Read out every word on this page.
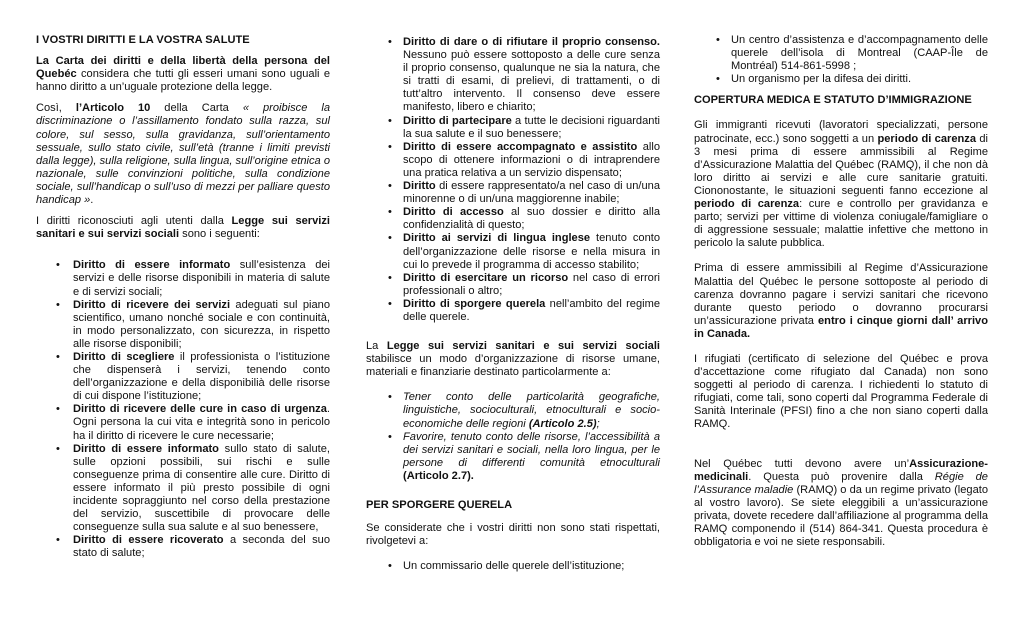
I VOSTRI DIRITTI E LA VOSTRA SALUTE

La Carta dei diritti e della libertà della persona del Quebéc considera che tutti gli esseri umani sono uguali e hanno diritto a un’uguale protezione della legge.

Così, l’Articolo 10 della Carta « proibisce la discriminazione o l’assillamento fondato sulla razza, sul colore, sul sesso, sulla gravidanza, sull’orientamento sessuale, sullo stato civile, sull’età (tranne i limiti previsti dalla legge), sulla religione, sulla lingua, sull’origine etnica o nazionale, sulle convinzioni politiche, sulla condizione sociale, sull’handicap o sull’uso di mezzi per palliare questo handicap ».

I diritti riconosciuti agli utenti dalla Legge sui servizi sanitari e sui servizi sociali sono i seguenti:

• Diritto di essere informato sull’esistenza dei servizi e delle risorse disponibili in materia di salute e di servizi sociali;
• Diritto di ricevere dei servizi adeguati sul piano scientifico, umano nonché sociale e con continuità, in modo personalizzato, con sicurezza, in rispetto alle risorse disponibili;
• Diritto di scegliere il professionista o l’istituzione che dispenserà i servizi, tenendo conto dell’organizzazione e della disponibilià delle risorse di cui dispone l’istituzione;
• Diritto di ricevere delle cure in caso di urgenza. Ogni persona la cui vita e integrità sono in pericolo ha il diritto di ricevere le cure necessarie;
• Diritto di essere informato sullo stato di salute, sulle opzioni possibili, sui rischi e sulle conseguenze prima di consentire alle cure. Diritto di essere informato il più presto possibile di ogni incidente sopraggiunto nel corso della prestazione del servizio, suscettibile di provocare delle conseguenze sulla sua salute e al suo benessere,
• Diritto di essere ricoverato a seconda del suo stato di salute;
• Diritto di dare o di rifiutare il proprio consenso. Nessuno può essere sottoposto a delle cure senza il proprio consenso, qualunque ne sia la natura, che si tratti di esami, di prelievi, di trattamenti, o di tutt’altro intervento. Il consenso deve essere manifesto, libero e chiarito;
• Diritto di partecipare a tutte le decisioni riguardanti la sua salute e il suo benessere;
• Diritto di essere accompagnato e assistito allo scopo di ottenere informazioni o di intraprendere una pratica relativa a un servizio dispensato;
• Diritto di essere rappresentato/a nel caso di un/una minorenne o di un/una maggiorenne inabile;
• Diritto di accesso al suo dossier e diritto alla confidenzialità di questo;
• Diritto ai servizi di lingua inglese tenuto conto dell’organizzazione delle risorse e nella misura in cui lo prevede il programma di accesso stabilito;
• Diritto di esercitare un ricorso nel caso di errori professionali o altro;
• Diritto di sporgere querela nell’ambito del regime delle querele.

La Legge sui servizi sanitari e sui servizi sociali stabilisce un modo d’organizzazione di risorse umane, materiali e finanziarie destinato particolarmente a:

• Tener conto delle particolarità geografiche, linguistiche, socioculturali, etnoculturali e socio-economiche delle regioni (Articolo 2.5);
• Favorire, tenuto conto delle risorse, l’accessibilità a dei servizi sanitari e sociali, nella loro lingua, per le persone di differenti comunità etnoculturali (Articolo 2.7).
PER SPORGERE QUERELA

Se considerate che i vostri diritti non sono stati rispettati, rivolgetevi a:

• Un commissario delle querele dell’istituzione;
• Un centro d’assistenza e d’accompagnamento delle querele dell’isola di Montreal (CAAP-Île de Montréal) 514-861-5998 ;
• Un organismo per la difesa dei diritti.
COPERTURA MEDICA E STATUTO D’IMMIGRAZIONE

Gli immigranti ricevuti (lavoratori specializzati, persone patrocinate, ecc.) sono soggetti a un periodo di carenza di 3 mesi prima di essere ammissibili al Regime d’Assicurazione Malattia del Québec (RAMQ), il che non dà loro diritto ai servizi e alle cure sanitarie gratuiti. Ciononostante, le situazioni seguenti fanno eccezione al periodo di carenza: cure e controllo per gravidanza e parto; servizi per vittime di violenza coniugale/famigliare o di aggressione sessuale; malattie infettive che mettono in pericolo la salute pubblica.

Prima di essere ammissibili al Regime d’Assicurazione Malattia del Québec le persone sottoposte al periodo di carenza dovranno pagare i servizi sanitari che ricevono durante questo periodo o dovranno procurarsi un’assicurazione privata entro i cinque giorni dall’ arrivo in Canada.

I rifugiati (certificato di selezione del Québec e prova d’accettazione come rifugiato dal Canada) non sono soggetti al periodo di carenza. I richiedenti lo statuto di rifugiati, come tali, sono coperti dal Programma Federale di Sanità Interinale (PFSI) fino a che non siano coperti dalla RAMQ.

Nel Québec tutti devono avere un’Assicurazione-medicinali. Questa può provenire dalla Régie de l’Assurance maladie (RAMQ) o da un regime privato (legato al vostro lavoro). Se siete eleggibili a un’assicurazione privata, dovete recedere dall’affiliazione al programma della RAMQ componendo il (514) 864-341. Questa procedura è obbligatoria e voi ne siete responsabili.
